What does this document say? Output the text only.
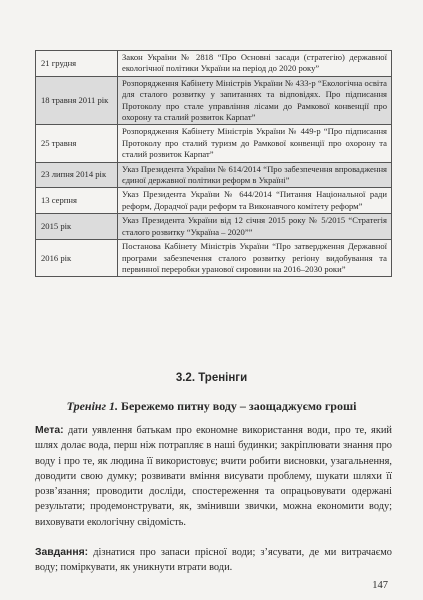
21 грудня	Закон України № 2818 “Про Основні засади (стратегію) державної екологічної політики України на період до 2020 року”
18 травня 2011 рік	Розпорядження Кабінету Міністрів України № 433-р “Екологічна освіта для сталого розвитку у запитаннях та відповідях. Про підписання Протоколу про стале управління лісами до Рамкової конвенції про охорону та сталий розвиток Карпат”
25 травня	Розпорядження Кабінету Міністрів України № 449-р “Про підписання Протоколу про сталий туризм до Рамкової конвенції про охорону та сталий розвиток Карпат”
23 липня 2014 рік	Указ Президента України № 614/2014 “Про забезпечення впровадження єдиної державної політики реформ в Україні”
13 серпня	Указ Президента України № 644/2014 “Питання Національної ради реформ, Дорадчої ради реформ та Виконавчого комітету реформ”
2015 рік	Указ Президента України від 12 січня 2015 року № 5/2015 “Стратегія сталого розвитку “Україна – 2020””
2016 рік	Постанова Кабінету Міністрів України “Про затвердження Державної програми забезпечення сталого розвитку регіону видобування та первинної переробки уранової сировини на 2016–2030 роки”
3.2. Тренінги
Тренінг 1. Бережемо питну воду – заощаджуємо гроші
Мета: дати уявлення батькам про економне використання води, про те, який шлях долає вода, перш ніж потрапляє в наші будинки; закріплювати знання про воду і про те, як людина її використовує; вчити робити висновки, узагальнення, доводити свою думку; розвивати вміння висувати проблему, шукати шляхи її розв’язання; проводити досліди, спостереження та опрацьовувати одержані результати; продемонструвати, як, змінивши звички, можна економити воду; виховувати екологічну свідомість.
Завдання: дізнатися про запаси прісної води; з’ясувати, де ми витрачаємо воду; поміркувати, як уникнути втрати води.
147
